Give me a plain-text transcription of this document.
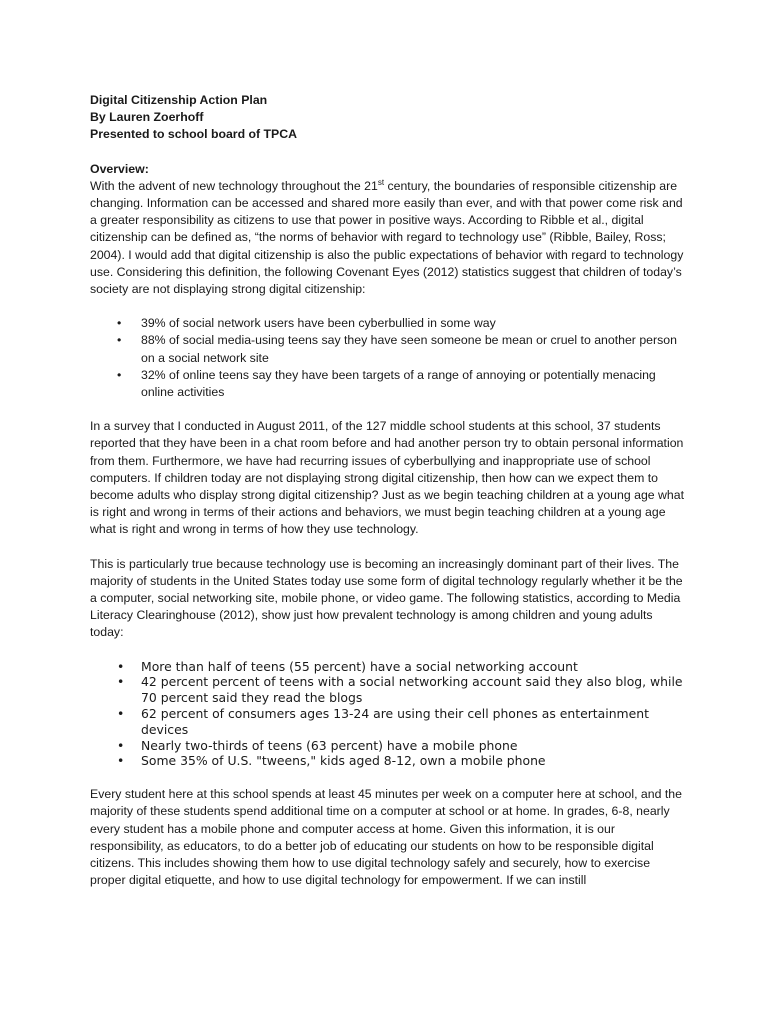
Digital Citizenship Action Plan
By Lauren Zoerhoff
Presented to school board of TPCA
Overview:

With the advent of new technology throughout the 21st century, the boundaries of responsible citizenship are changing. Information can be accessed and shared more easily than ever, and with that power come risk and a greater responsibility as citizens to use that power in positive ways. According to Ribble et al., digital citizenship can be defined as, “the norms of behavior with regard to technology use” (Ribble, Bailey, Ross; 2004). I would add that digital citizenship is also the public expectations of behavior with regard to technology use. Considering this definition, the following Covenant Eyes (2012) statistics suggest that children of today’s society are not displaying strong digital citizenship:

• 39% of social network users have been cyberbullied in some way
• 88% of social media-using teens say they have seen someone be mean or cruel to another person on a social network site
• 32% of online teens say they have been targets of a range of annoying or potentially menacing online activities

In a survey that I conducted in August 2011, of the 127 middle school students at this school, 37 students reported that they have been in a chat room before and had another person try to obtain personal information from them. Furthermore, we have had recurring issues of cyberbullying and inappropriate use of school computers. If children today are not displaying strong digital citizenship, then how can we expect them to become adults who display strong digital citizenship? Just as we begin teaching children at a young age what is right and wrong in terms of their actions and behaviors, we must begin teaching children at a young age what is right and wrong in terms of how they use technology.

This is particularly true because technology use is becoming an increasingly dominant part of their lives. The majority of students in the United States today use some form of digital technology regularly whether it be the a computer, social networking site, mobile phone, or video game. The following statistics, according to Media Literacy Clearinghouse (2012), show just how prevalent technology is among children and young adults today:

• More than half of teens (55 percent) have a social networking account
• 42 percent percent of teens with a social networking account said they also blog, while 70 percent said they read the blogs
• 62 percent of consumers ages 13-24 are using their cell phones as entertainment devices
• Nearly two-thirds of teens (63 percent) have a mobile phone
• Some 35% of U.S. "tweens," kids aged 8-12, own a mobile phone

Every student here at this school spends at least 45 minutes per week on a computer here at school, and the majority of these students spend additional time on a computer at school or at home. In grades, 6-8, nearly every student has a mobile phone and computer access at home. Given this information, it is our responsibility, as educators, to do a better job of educating our students on how to be responsible digital citizens. This includes showing them how to use digital technology safely and securely, how to exercise proper digital etiquette, and how to use digital technology for empowerment. If we can instill
